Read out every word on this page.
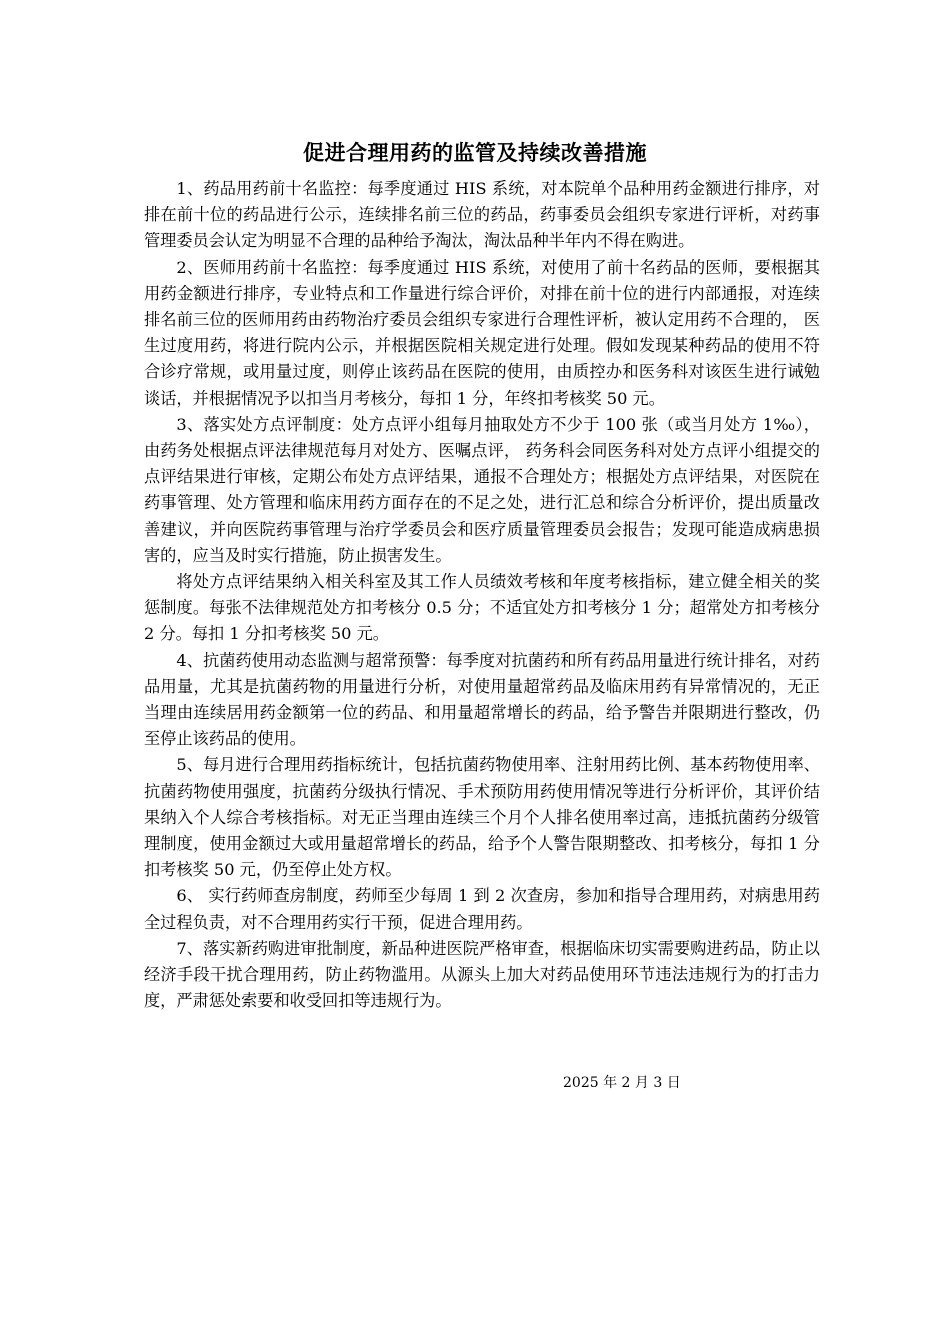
促进合理用药的监管及持续改善措施

1、药品用药前十名监控：每季度通过 HIS 系统，对本院单个品种用药金额进行排序，对排在前十位的药品进行公示，连续排名前三位的药品，药事委员会组织专家进行评析，对药事管理委员会认定为明显不合理的品种给予淘汰，淘汰品种半年内不得在购进。

2、医师用药前十名监控：每季度通过 HIS 系统，对使用了前十名药品的医师，要根据其用药金额进行排序，专业特点和工作量进行综合评价，对排在前十位的进行内部通报，对连续排名前三位的医师用药由药物治疗委员会组织专家进行合理性评析，被认定用药不合理的， 医生过度用药，将进行院内公示，并根据医院相关规定进行处理。假如发现某种药品的使用不符合诊疗常规，或用量过度，则停止该药品在医院的使用，由质控办和医务科对该医生进行诫勉谈话，并根据情况予以扣当月考核分，每扣 1 分，年终扣考核奖 50 元。

3、落实处方点评制度：处方点评小组每月抽取处方不少于 100 张（或当月处方 1‰），由药务处根据点评法律规范每月对处方、医嘱点评， 药务科会同医务科对处方点评小组提交的点评结果进行审核，定期公布处方点评结果，通报不合理处方；根据处方点评结果，对医院在药事管理、处方管理和临床用药方面存在的不足之处，进行汇总和综合分析评价，提出质量改善建议，并向医院药事管理与治疗学委员会和医疗质量管理委员会报告；发现可能造成病患损害的，应当及时实行措施，防止损害发生。

将处方点评结果纳入相关科室及其工作人员绩效考核和年度考核指标，建立健全相关的奖惩制度。每张不法律规范处方扣考核分 0.5 分；不适宜处方扣考核分 1 分；超常处方扣考核分 2 分。每扣 1 分扣考核奖 50 元。

4、抗菌药使用动态监测与超常预警：每季度对抗菌药和所有药品用量进行统计排名，对药品用量，尤其是抗菌药物的用量进行分析，对使用量超常药品及临床用药有异常情况的，无正当理由连续居用药金额第一位的药品、和用量超常增长的药品，给予警告并限期进行整改，仍至停止该药品的使用。

5、每月进行合理用药指标统计，包括抗菌药物使用率、注射用药比例、基本药物使用率、抗菌药物使用强度，抗菌药分级执行情况、手术预防用药使用情况等进行分析评价，其评价结果纳入个人综合考核指标。对无正当理由连续三个月个人排名使用率过高，违抵抗菌药分级管理制度，使用金额过大或用量超常增长的药品，给予个人警告限期整改、扣考核分，每扣 1 分扣考核奖 50 元，仍至停止处方权。

6、 实行药师查房制度，药师至少每周 1 到 2 次查房，参加和指导合理用药，对病患用药全过程负责，对不合理用药实行干预，促进合理用药。

7、落实新药购进审批制度，新品种进医院严格审查，根据临床切实需要购进药品，防止以经济手段干扰合理用药，防止药物滥用。从源头上加大对药品使用环节违法违规行为的打击力度，严肃惩处索要和收受回扣等违规行为。

2025 年 2 月 3 日
